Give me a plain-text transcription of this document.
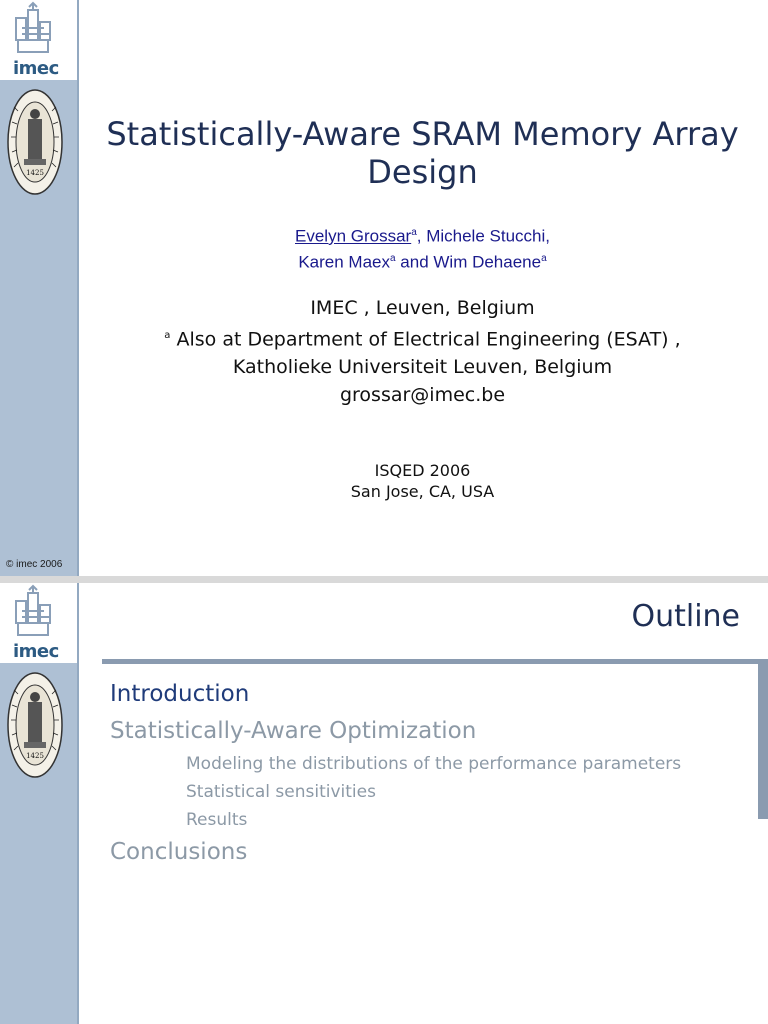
imec
1425
© imec 2006
Statistically-Aware SRAM Memory Array
Design
Evelyn Grossar$^a$, Michele Stucchi,
Karen Maex$^a$ and Wim Dehaene$^a$
IMEC , Leuven, Belgium
$^a$ Also at Department of Electrical Engineering (ESAT) ,
Katholieke Universiteit Leuven, Belgium
grossar@imec.be
ISQED 2006
San Jose, CA, USA
imec
1425
Outline
Introduction
Statistically-Aware Optimization
Modeling the distributions of the performance parameters
Statistical sensitivities
Results
Conclusions
